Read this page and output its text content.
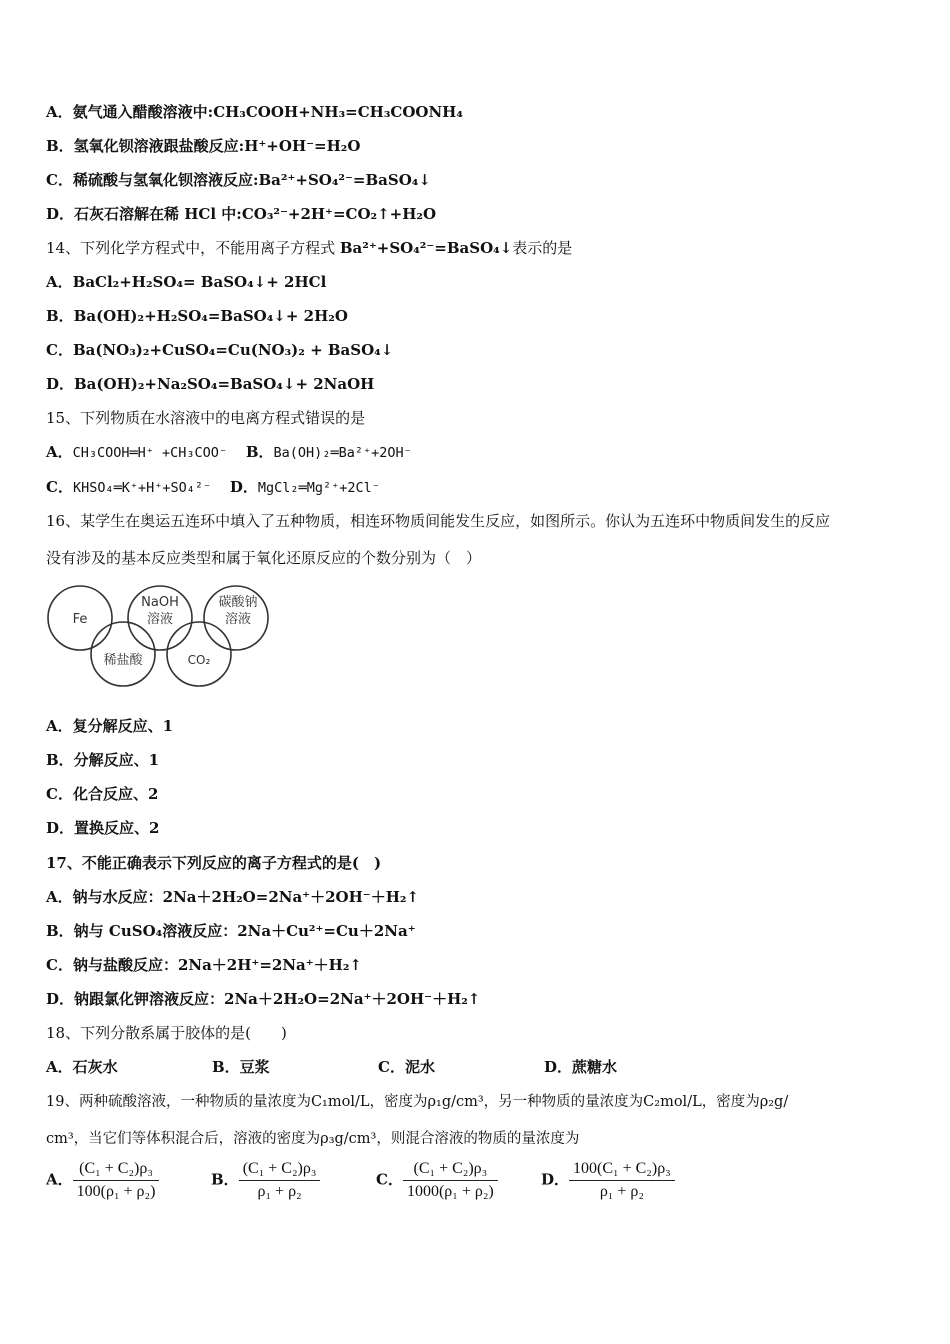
A．氨气通入醋酸溶液中:CH₃COOH+NH₃=CH₃COONH₄
B．氢氧化钡溶液跟盐酸反应:H⁺+OH⁻=H₂O
C．稀硫酸与氢氧化钡溶液反应:Ba²⁺+SO₄²⁻=BaSO₄↓
D．石灰石溶解在稀 HCl 中:CO₃²⁻+2H⁺=CO₂↑+H₂O
14、下列化学方程式中，不能用离子方程式 Ba²⁺+SO₄²⁻=BaSO₄↓表示的是
A．BaCl₂+H₂SO₄= BaSO₄↓+ 2HCl
B．Ba(OH)₂+H₂SO₄=BaSO₄↓+ 2H₂O
C．Ba(NO₃)₂+CuSO₄=Cu(NO₃)₂ + BaSO₄↓
D．Ba(OH)₂+Na₂SO₄=BaSO₄↓+ 2NaOH
15、下列物质在水溶液中的电离方程式错误的是
A．CH₃COOH═H⁺ +CH₃COO⁻ B．Ba(OH)₂═Ba²⁺+2OH⁻
C．KHSO₄═K⁺+H⁺+SO₄²⁻ D．MgCl₂═Mg²⁺+2Cl⁻
16、某学生在奥运五连环中填入了五种物质，相连环物质间能发生反应，如图所示。你认为五连环中物质间发生的反应
没有涉及的基本反应类型和属于氧化还原反应的个数分别为（　）
Fe
NaOH
溶液
碳酸钠
溶液
稀盐酸	CO₂
A．复分解反应、1
B．分解反应、1
C．化合反应、2
D．置换反应、2
17、不能正确表示下列反应的离子方程式的是(　)
A．钠与水反应：2Na＋2H₂O=2Na⁺＋2OH⁻＋H₂↑
B．钠与 CuSO₄溶液反应：2Na＋Cu²⁺=Cu＋2Na⁺
C．钠与盐酸反应：2Na＋2H⁺=2Na⁺＋H₂↑
D．钠跟氯化钾溶液反应：2Na＋2H₂O=2Na⁺＋2OH⁻＋H₂↑
18、下列分散系属于胶体的是(　　)
A．石灰水	B．豆浆	C．泥水	D．蔗糖水
19、两种硫酸溶液，一种物质的量浓度为C₁mol/L，密度为ρ₁g/cm³，另一种物质的量浓度为C₂mol/L，密度为ρ₂g/
cm³，当它们等体积混合后，溶液的密度为ρ₃g/cm³，则混合溶液的物质的量浓度为
A． $\frac{\text{(C₁ + C₂)ρ₃}}{\text{100(ρ₁ + ρ₂)}}$	B． $\frac{\text{(C₁ + C₂)ρ₃}}{\text{ρ₁ + ρ₂}}$	C． $\frac{\text{(C₁ + C₂)ρ₃}}{\text{1000(ρ₁ + ρ₂)}}$	D． $\frac{\text{100(C₁ + C₂)ρ₃}}{\text{ρ₁ + ρ₂}}$
